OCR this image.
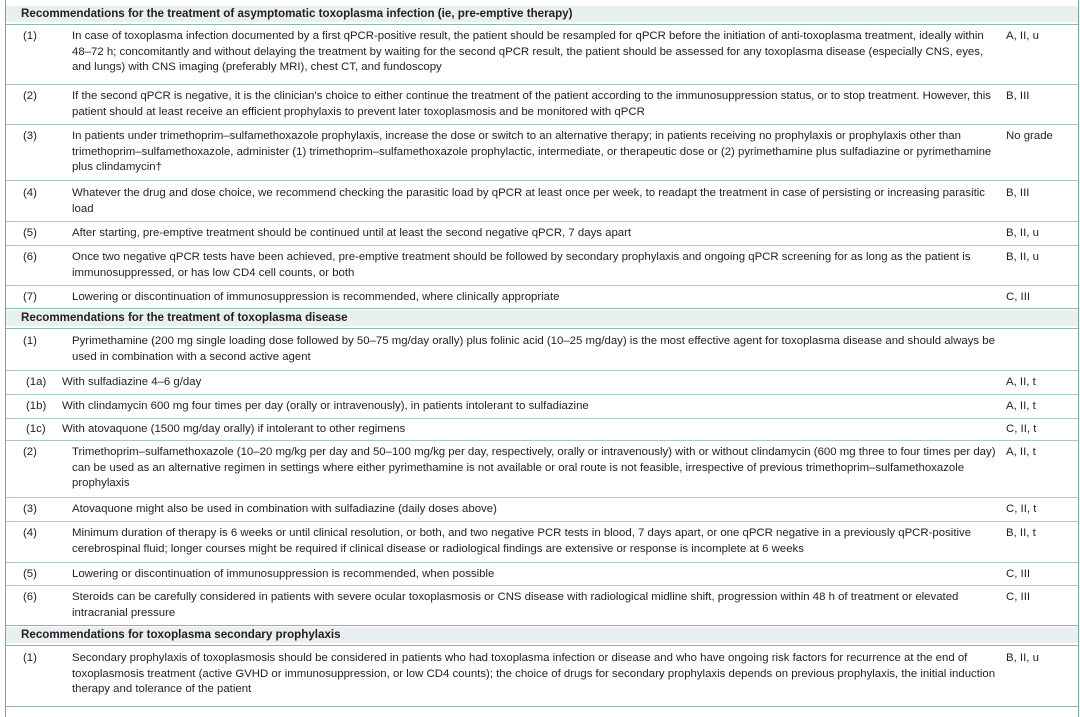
Recommendations for the treatment of asymptomatic toxoplasma infection (ie, pre-emptive therapy)
(1)	In case of toxoplasma infection documented by a first qPCR-positive result, the patient should be resampled for qPCR before the initiation of anti-toxoplasma treatment, ideally within 48–72 h; concomitantly and without delaying the treatment by waiting for the second qPCR result, the patient should be assessed for any toxoplasma disease (especially CNS, eyes, and lungs) with CNS imaging (preferably MRI), chest CT, and fundoscopy
A, II, u
(2)	If the second qPCR is negative, it is the clinician's choice to either continue the treatment of the patient according to the immunosuppression status, or to stop treatment. However, this patient should at least receive an efficient prophylaxis to prevent later toxoplasmosis and be monitored with qPCR
B, III
(3)	In patients under trimethoprim–sulfamethoxazole prophylaxis, increase the dose or switch to an alternative therapy; in patients receiving no prophylaxis or prophylaxis other than trimethoprim–sulfamethoxazole, administer (1) trimethoprim–sulfamethoxazole prophylactic, intermediate, or therapeutic dose or (2) pyrimethamine plus sulfadiazine or pyrimethamine plus clindamycin†
No grade
(4)	Whatever the drug and dose choice, we recommend checking the parasitic load by qPCR at least once per week, to readapt the treatment in case of persisting or increasing parasitic load
B, III
(5)	After starting, pre-emptive treatment should be continued until at least the second negative qPCR, 7 days apart	B, II, u
(6)	Once two negative qPCR tests have been achieved, pre-emptive treatment should be followed by secondary prophylaxis and ongoing qPCR screening for as long as the patient is immunosuppressed, or has low CD4 cell counts, or both
B, II, u
(7)	Lowering or discontinuation of immunosuppression is recommended, where clinically appropriate	C, III
Recommendations for the treatment of toxoplasma disease
(1)	Pyrimethamine (200 mg single loading dose followed by 50–75 mg/day orally) plus folinic acid (10–25 mg/day) is the most effective agent for toxoplasma disease and should always be used in combination with a second active agent
(1a) With sulfadiazine 4–6 g/day	A, II, t
(1b) With clindamycin 600 mg four times per day (orally or intravenously), in patients intolerant to sulfadiazine	A, II, t
(1c) With atovaquone (1500 mg/day orally) if intolerant to other regimens	C, II, t
(2)	Trimethoprim–sulfamethoxazole (10–20 mg/kg per day and 50–100 mg/kg per day, respectively, orally or intravenously) with or without clindamycin (600 mg three to four times per day) can be used as an alternative regimen in settings where either pyrimethamine is not available or oral route is not feasible, irrespective of previous trimethoprim–sulfamethoxazole prophylaxis
A, II, t
(3)	Atovaquone might also be used in combination with sulfadiazine (daily doses above)	C, II, t
(4)	Minimum duration of therapy is 6 weeks or until clinical resolution, or both, and two negative PCR tests in blood, 7 days apart, or one qPCR negative in a previously qPCR-positive cerebrospinal fluid; longer courses might be required if clinical disease or radiological findings are extensive or response is incomplete at 6 weeks
B, II, t
(5)	Lowering or discontinuation of immunosuppression is recommended, when possible	C, III
(6)	Steroids can be carefully considered in patients with severe ocular toxoplasmosis or CNS disease with radiological midline shift, progression within 48 h of treatment or elevated intracranial pressure
C, III
Recommendations for toxoplasma secondary prophylaxis
(1)	Secondary prophylaxis of toxoplasmosis should be considered in patients who had toxoplasma infection or disease and who have ongoing risk factors for recurrence at the end of toxoplasmosis treatment (active GVHD or immunosuppression, or low CD4 counts); the choice of drugs for secondary prophylaxis depends on previous prophylaxis, the initial induction therapy and tolerance of the patient
B, II, u
